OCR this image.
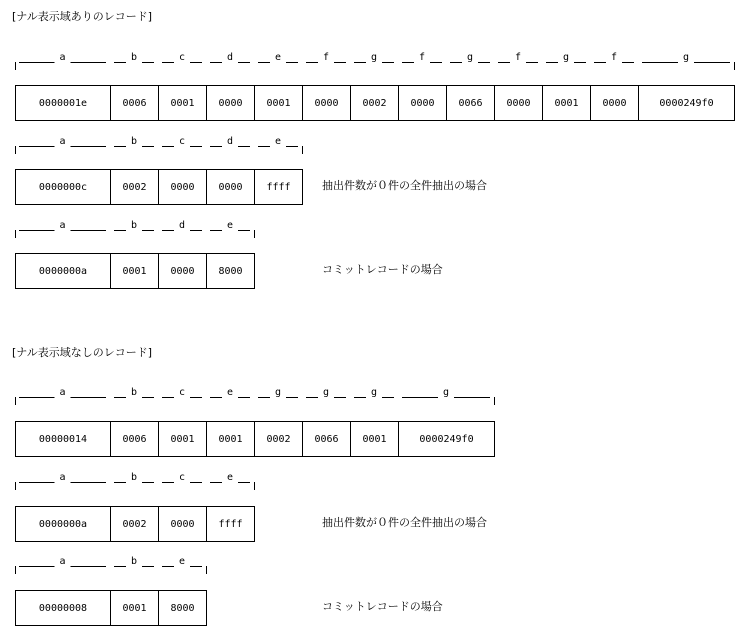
[ナル表示域ありのレコード]
[ナル表示域なしのレコード]
0000001e	0006	0001	0000	0001	0000	0002	0000	0066	0000	0001	0000	0000249f0
a	b	c	d	e	f	g	f	g	f	g	f	g
0000000c	0002	0000	0000	ffff
a	b	c	d	e
抽出件数が０件の全件抽出の場合
0000000a	0001	0000	8000
a	b	d	e
コミットレコードの場合
00000014	0006	0001	0001	0002	0066	0001	0000249f0
a	b	c	e	g	g	g	g
0000000a	0002	0000	ffff
a	b	c	e
抽出件数が０件の全件抽出の場合
00000008	0001	8000
a	b	e
コミットレコードの場合
